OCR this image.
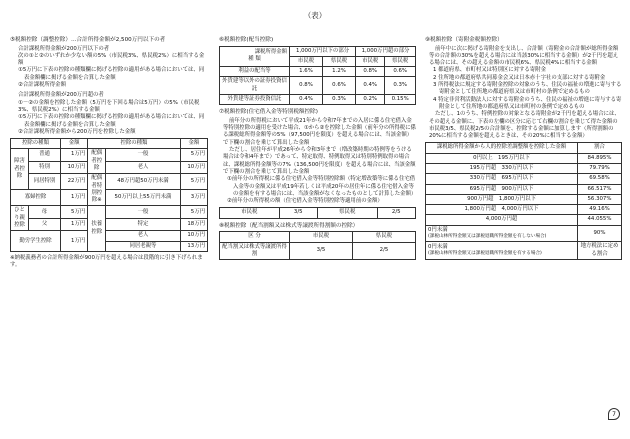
（表）
⑤税額控除（調整控除）…合計所得金額が2,500万円以下の者

合計課税所得金額が200万円以下の者

次の①と②のいずれか少ない額の5%（市民税3%、県民税2%）に相当する金額

①5万円に下表の控除の種類欄に掲げる控除の適用がある場合においては、同表金額欄に掲げる金額を合算した金額

②合計課税所得金額

合計課税所得金額が200万円超の者

①－②の金額を控除した金額（5万円を下回る場合は5万円）の5%（市民税3%、県民税2%）に相当する金額

①5万円に下表の控除の種類欄に掲げる控除の適用がある場合においては、同表金額欄に掲げる金額を合算した金額

②合計課税所得金額から200万円を控除した金額

控除の種類		金額	控除の種類		金額
障害者控除	普通	1万円	配偶者控除	一般	5万円
	特別	10万円		老人	10万円
	同居特別	22万円	配偶者特別控除※	48万円超50万円未満	5万円
寡婦控除		1万円		50万円以上55万円未満	3万円
ひとり親控除	母	5万円	扶養控除	一般	5万円
	父	1万円		特定	18万円
勤労学生控除		1万円		老人	10万円
				同居老親等	13万円

※納税義務者の合計所得金額が900万円を超える場合は段階的に引き下げられます。

⑥税額控除(配当控除)
課税所得金額
種 類	1,000万円以下の部分		1,000万円超の部分	
	市民税	県民税	市民税	県民税
利益の配当等	1.6%	1.2%	0.8%	0.6%
外貨建等以外の証券投資信託	0.8%	0.6%	0.4%	0.3%
外貨建等証券投資信託	0.4%	0.3%	0.2%	0.15%
⑦税額控除(住宅借入金等特別税額控除)

前年分の所得税において平成21年から令和7年までの入居に係る住宅借入金等特別控除の適用を受けた場合、①から②を控除した金額（前年分の所得税に係る課税総所得金額等の5%（97,500円を限度）を超える場合には、当該金額）で下欄の割合を乗じて算出した金額

ただし、居住年が平成26年から令和3年まで（増改築時期の特例等をうける場合は令和4年まで）であって、特定取得、特例取得又は特別特例取得の場合は、課税総所得金額等の7%（136,500円を限度）を超える場合には、当該金額で下欄の割合を乗じて算出した金額

①前年分の所得税に係る住宅借入金等特別控除額（特定増改築等に係る住宅借入金等の金額又は平成19年若しくは平成20年の居住年に係る住宅借入金等の金額を有する場合には、当該金額がなくなったものとして計算した金額）

②前年分の所得税の額（住宅借入金等特別控除等適用前の金額）

市民税	3/5	県民税	2/5
⑧税額控除（配当割額又は株式等譲渡所得割額の控除）
区 分	市民税	県民税
配当割又は株式等譲渡所得割	3/5	2/5
⑨税額控除（寄附金税額控除）

前年中に次に掲げる寄附金を支出し、合計額（寄附金の合計額が総所得金額等の合計額の30%を超える場合には当該30%に相当する金額）が2千円を超える場合には、その超える金額の市民税6%、県民税4%に相当する金額

1 都道府県、市町村又は特別区に対する寄附金

2 住所地の都道府県共同募金会又は日本赤十字社の支部に対する寄附金

3 所得税法に規定する寄附金控除の対象のうち、住民の福祉の増進に寄与する寄附金として住所地の都道府県又は市町村の条例で定めるもの

4 特定非営利活動法人に対する寄附金のうち、住民の福祉の増進に寄与する寄附金として住所地の都道府県又は市町村の条例で定めるもの

ただし、1のうち、特例控除の対象となる寄附金が2千円を超える場合には、その超える金額に、下表の左欄の区分に応じて右欄の割合を乗じて得た金額の市民税3/5、県民税2/5の合計額を、控除する金額に加算します（所得割額の20%に相当する金額を超えるときは、その20%に相当する金額）

課税総所得金額から人的控除差調整額を控除した金額	割合
0円以上　195万円以下	84.895%
195万円超　330万円以下	79.79%
330万円超　695万円以下	69.58%
695万円超　900万円以下	66.517%
900万円超　1,800万円以下	56.307%
1,800万円超　4,000万円以下	49.16%
4,000万円超	44.055%

0円未満
(課税山林所得金額又は課税退職所得金額を有しない場合)	90%

0円未満
(課税山林所得金額又は課税退職所得金額を有する場合)	地方税法に定める割合
7
